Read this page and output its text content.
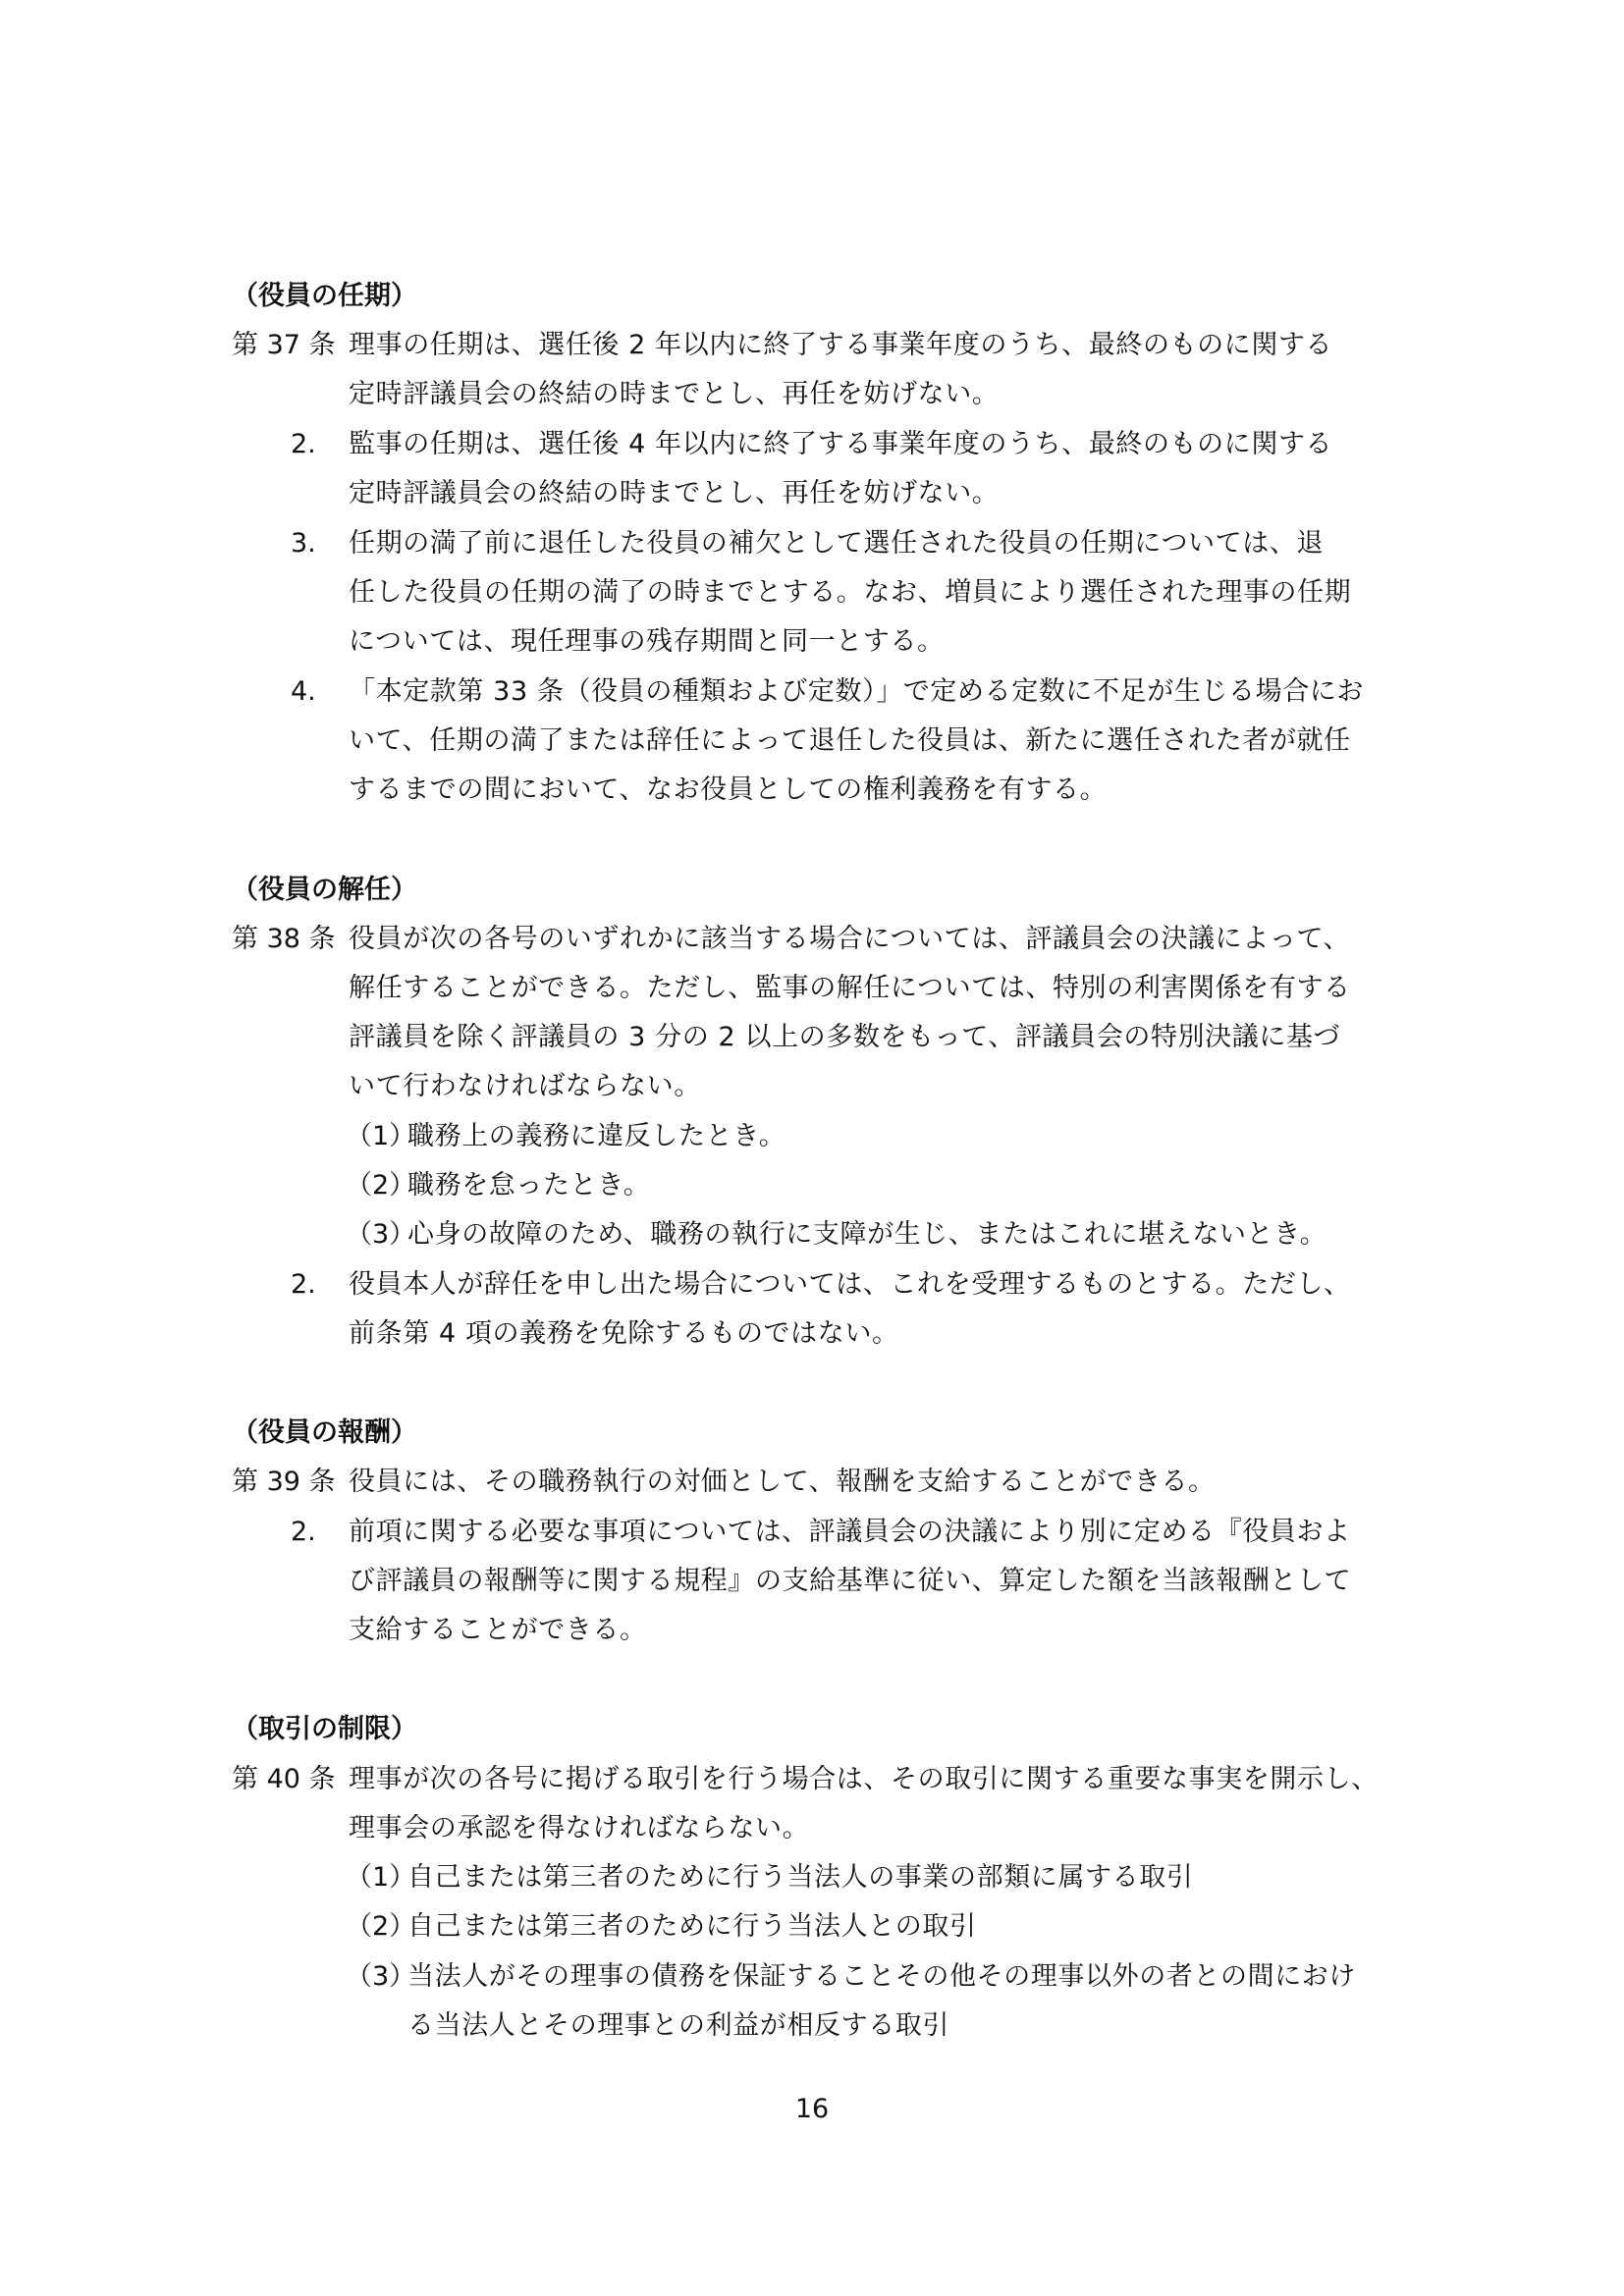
（役員の任期）
第 37 条 理事の任期は、選任後 2 年以内に終了する事業年度のうち、最終のものに関する
定時評議員会の終結の時までとし、再任を妨げない。
2. 監事の任期は、選任後 4 年以内に終了する事業年度のうち、最終のものに関する
定時評議員会の終結の時までとし、再任を妨げない。
3. 任期の満了前に退任した役員の補欠として選任された役員の任期については、退
任した役員の任期の満了の時までとする。なお、増員により選任された理事の任期
については、現任理事の残存期間と同一とする。
4. 「本定款第 33 条（役員の種類および定数）」で定める定数に不足が生じる場合にお
いて、任期の満了または辞任によって退任した役員は、新たに選任された者が就任
するまでの間において、なお役員としての権利義務を有する。
（役員の解任）
第 38 条 役員が次の各号のいずれかに該当する場合については、評議員会の決議によって、
解任することができる。ただし、監事の解任については、特別の利害関係を有する
評議員を除く評議員の 3 分の 2 以上の多数をもって、評議員会の特別決議に基づ
いて行わなければならない。
（1）
職務上の義務に違反したとき。
（2）
職務を怠ったとき。
（3）
心身の故障のため、職務の執行に支障が生じ、またはこれに堪えないとき。
2. 役員本人が辞任を申し出た場合については、これを受理するものとする。ただし、
前条第 4 項の義務を免除するものではない。
（役員の報酬）
第 39 条 役員には、その職務執行の対価として、報酬を支給することができる。
2. 前項に関する必要な事項については、評議員会の決議により別に定める『役員およ
び評議員の報酬等に関する規程』の支給基準に従い、算定した額を当該報酬として
支給することができる。
（取引の制限）
第 40 条 理事が次の各号に掲げる取引を行う場合は、その取引に関する重要な事実を開示し、
理事会の承認を得なければならない。
（1）
自己または第三者のために行う当法人の事業の部類に属する取引
（2）
自己または第三者のために行う当法人との取引
（3）
当法人がその理事の債務を保証することその他その理事以外の者との間におけ
る当法人とその理事との利益が相反する取引
16
